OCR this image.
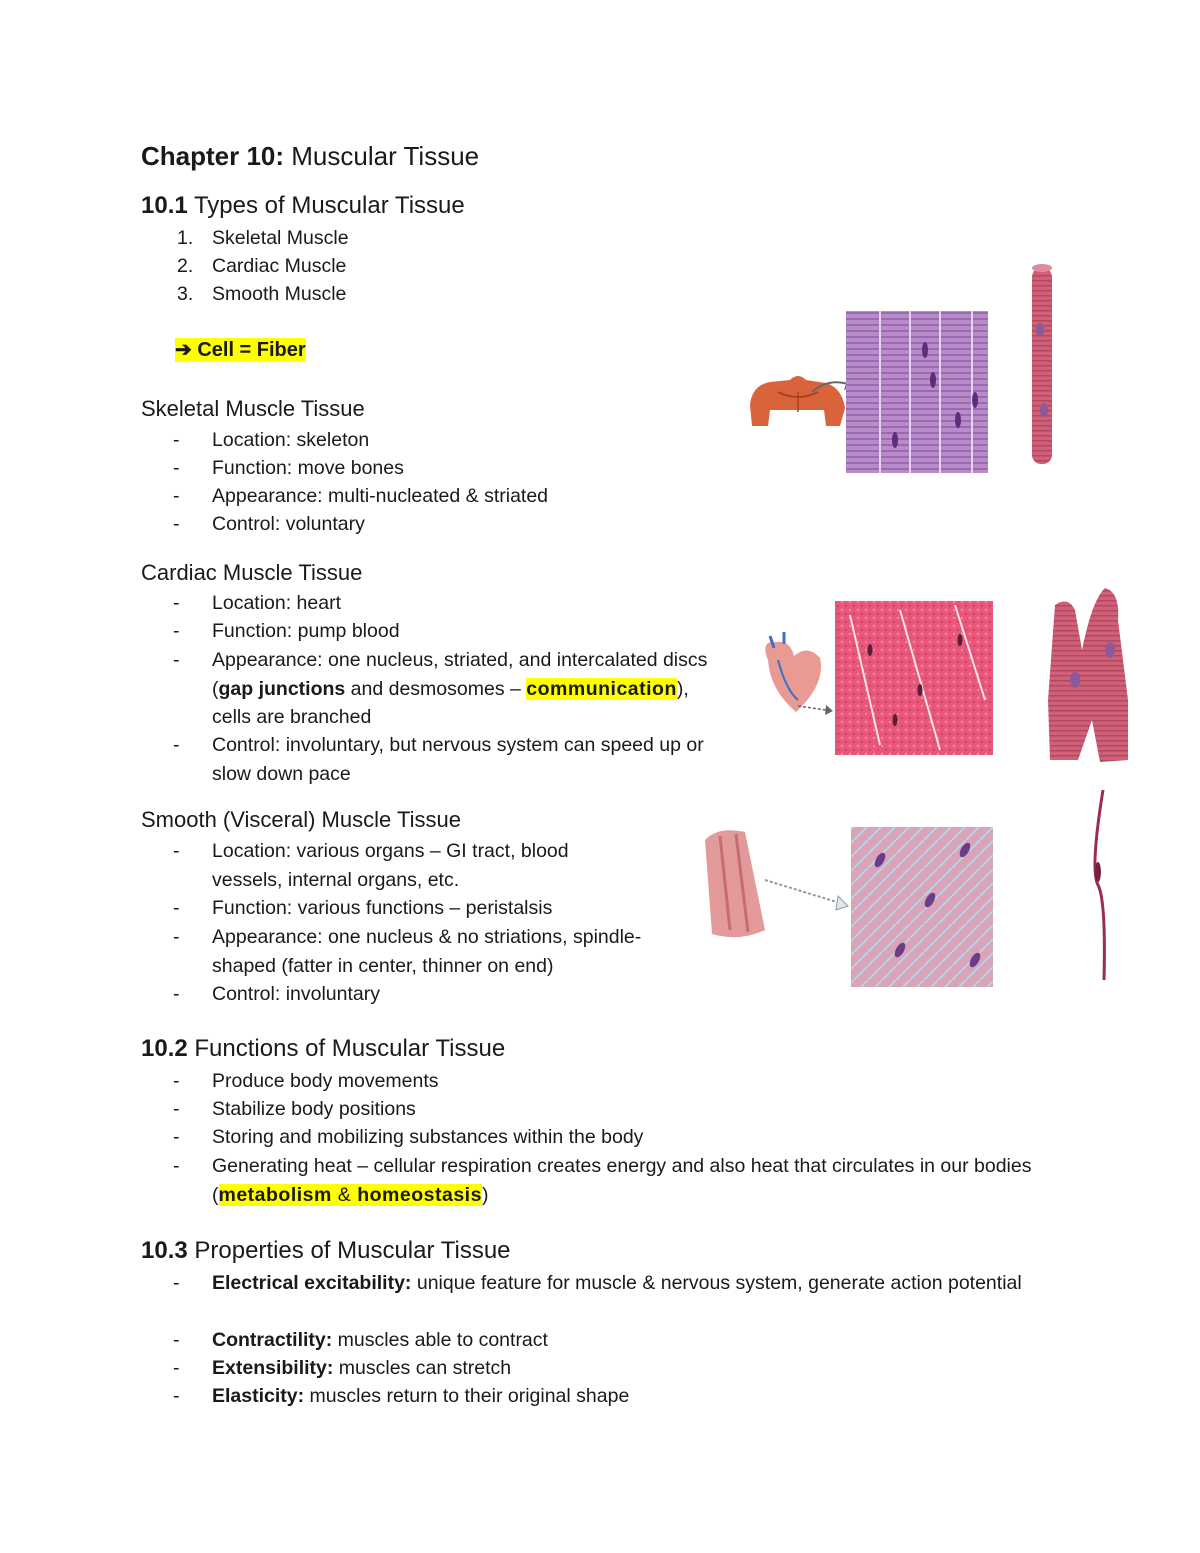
Chapter 10: Muscular Tissue
10.1 Types of Muscular Tissue
1. Skeletal Muscle
2. Cardiac Muscle
3. Smooth Muscle
➔ Cell = Fiber
Skeletal Muscle Tissue
- Location: skeleton
- Function: move bones
- Appearance: multi-nucleated & striated
- Control: voluntary
Cardiac Muscle Tissue
- Location: heart
- Function: pump blood
- Appearance: one nucleus, striated, and intercalated discs (gap junctions and desmosomes – communication), cells are branched
- Control: involuntary, but nervous system can speed up or slow down pace
Smooth (Visceral) Muscle Tissue
- Location: various organs – GI tract, blood vessels, internal organs, etc.
- Function: various functions – peristalsis
- Appearance: one nucleus & no striations, spindle-shaped (fatter in center, thinner on end)
- Control: involuntary
10.2 Functions of Muscular Tissue
- Produce body movements
- Stabilize body positions
- Storing and mobilizing substances within the body
- Generating heat – cellular respiration creates energy and also heat that circulates in our bodies (metabolism & homeostasis)
10.3 Properties of Muscular Tissue
- Electrical excitability: unique feature for muscle & nervous system, generate action potential
- Contractility: muscles able to contract
- Extensibility: muscles can stretch
- Elasticity: muscles return to their original shape
